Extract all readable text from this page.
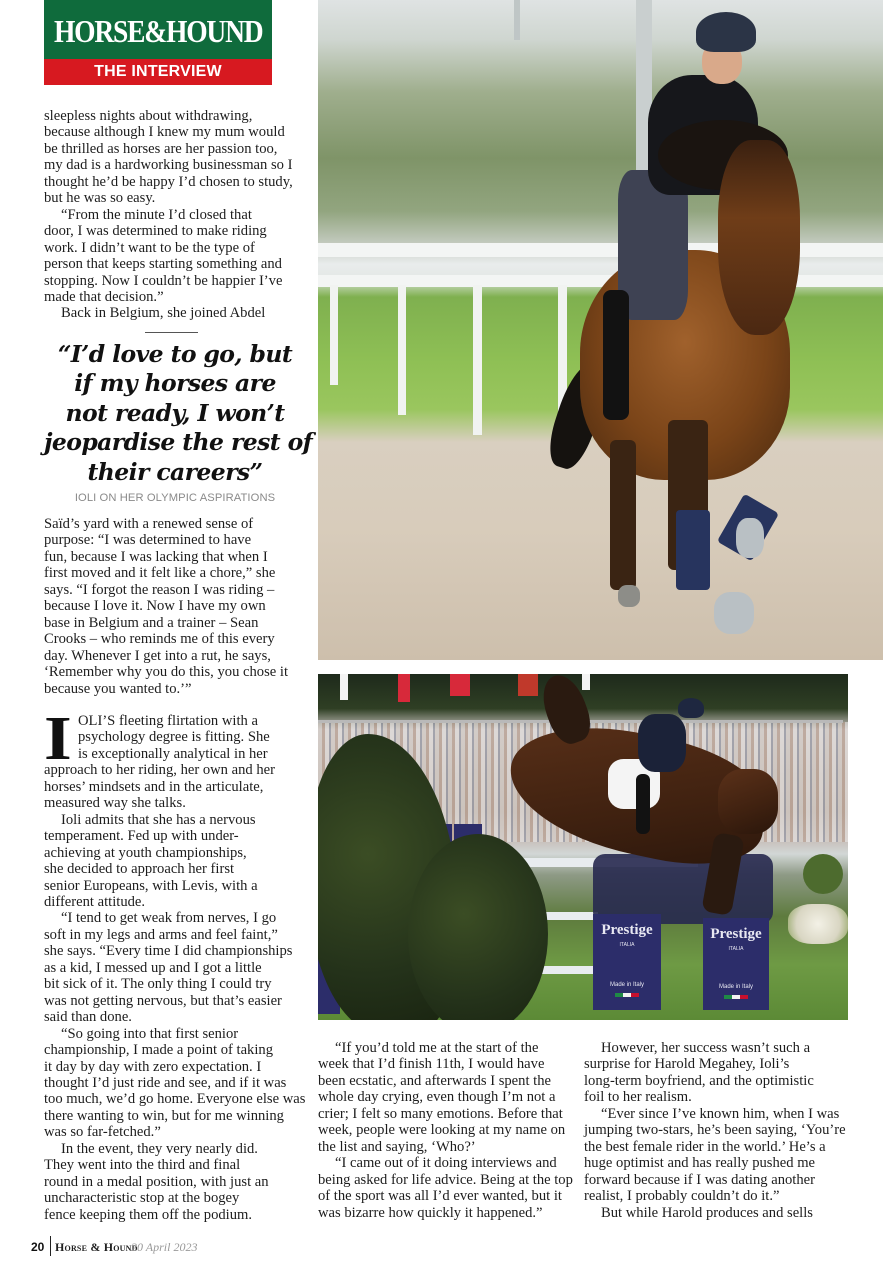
HORSE&HOUND
THE INTERVIEW
sleepless nights about withdrawing,
because although I knew my mum would
be thrilled as horses are her passion too,
my dad is a hardworking businessman so I
thought he’d be happy I’d chosen to study,
but he was so easy.
“From the minute I’d closed that
door, I was determined to make riding
work. I didn’t want to be the type of
person that keeps starting something and
stopping. Now I couldn’t be happier I’ve
made that decision.”
Back in Belgium, she joined Abdel
“I’d love to go, but
if my horses are
not ready, I won’t
jeopardise the rest of
their careers”
IOLI ON HER OLYMPIC ASPIRATIONS
Saïd’s yard with a renewed sense of
purpose: “I was determined to have
fun, because I was lacking that when I
first moved and it felt like a chore,” she
says. “I forgot the reason I was riding –
because I love it. Now I have my own
base in Belgium and a trainer – Sean
Crooks – who reminds me of this every
day. Whenever I get into a rut, he says,
‘Remember why you do this, you chose it
because you wanted to.’”
I OLI’S fleeting flirtation with a
psychology degree is fitting. She
is exceptionally analytical in her
approach to her riding, her own and her
horses’ mindsets and in the articulate,
measured way she talks.
Ioli admits that she has a nervous
temperament. Fed up with under-
achieving at youth championships,
she decided to approach her first
senior Europeans, with Levis, with a
different attitude.
“I tend to get weak from nerves, I go
soft in my legs and arms and feel faint,”
she says. “Every time I did championships
as a kid, I messed up and I got a little
bit sick of it. The only thing I could try
was not getting nervous, but that’s easier
said than done.
“So going into that first senior
championship, I made a point of taking
it day by day with zero expectation. I
thought I’d just ride and see, and if it was
too much, we’d go home. Everyone else was
there wanting to win, but for me winning
was so far-fetched.”
In the event, they very nearly did.
They went into the third and final
round in a medal position, with just an
uncharacteristic stop at the bogey
fence keeping them off the podium.
Prestige
ITALIA
Made in Italy
Prestige
ITALIA
Made in Italy
“If you’d told me at the start of the
week that I’d finish 11th, I would have
been ecstatic, and afterwards I spent the
whole day crying, even though I’m not a
crier; I felt so many emotions. Before that
week, people were looking at my name on
the list and saying, ‘Who?’
“I came out of it doing interviews and
being asked for life advice. Being at the top
of the sport was all I’d ever wanted, but it
was bizarre how quickly it happened.”
However, her success wasn’t such a
surprise for Harold Megahey, Ioli’s
long-term boyfriend, and the optimistic
foil to her realism.
“Ever since I’ve known him, when I was
jumping two-stars, he’s been saying, ‘You’re
the best female rider in the world.’ He’s a
huge optimist and has really pushed me
forward because if I was dating another
realist, I probably couldn’t do it.”
But while Harold produces and sells
20 Horse & Hound
20 April 2023
